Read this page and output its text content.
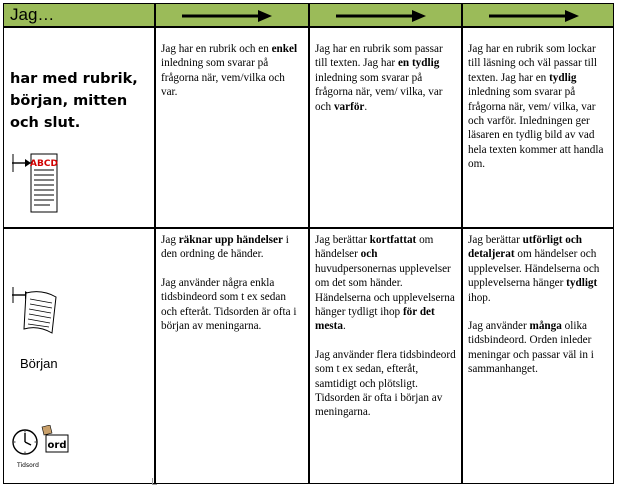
Jag…
har med rubrik, början, mitten och slut.
ABCD
Jag har en rubrik och en enkel inledning som svarar på frågorna när, vem/vilka och var.
Jag har en rubrik som passar till texten. Jag har en tydlig inledning som svarar på frågorna när, vem/ vilka, var och varför.
Jag har en rubrik som lockar till läsning och väl passar till texten. Jag har en tydlig inledning som svarar på frågorna när, vem/ vilka, var och varför. Inledningen ger läsaren en tydlig bild av vad hela texten kommer att handla om.
Början
ord
Tidsord

Jag räknar upp händelser i den ordning de händer.

Jag använder några enkla tidsbindeord som t ex sedan och efteråt. Tidsorden är ofta i början av meningarna.

Jag berättar kortfattat om händelser och huvudpersonernas upplevelser om det som händer. Händelserna och upplevelserna hänger tydligt ihop för det mesta.

Jag använder flera tidsbindeord som t ex sedan, efteråt, samtidigt och plötsligt. Tidsorden är ofta i början av meningarna.

Jag berättar utförligt och detaljerat om händelser och upplevelser. Händelserna och upplevelserna hänger tydligt ihop.

Jag använder många olika tidsbindeord. Orden inleder meningar och passar väl in i sammanhanget.
